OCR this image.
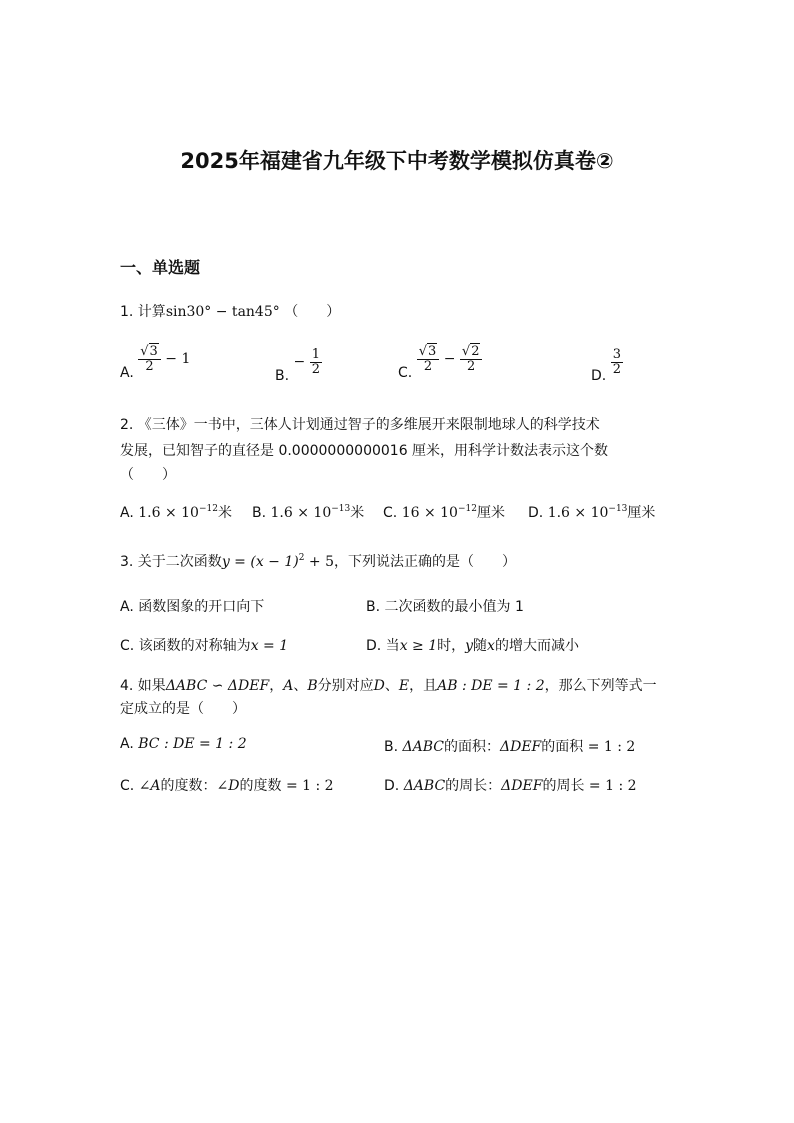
2025年福建省九年级下中考数学模拟仿真卷②
一、单选题
1. 计算sin30° − tan45° （　　）
A. $\frac{√3}{2} - 1$
B. − $\frac{1}{2}$	C. $\frac{√3}{2} - \frac{√2}{2}$
D. $\frac{3}{2}$
2. 《三体》一书中，三体人计划通过智子的多维展开来限制地球人的科学技术
发展，已知智子的直径是 0.0000000000016 厘米，用科学计数法表示这个数
（　　）
A. $1.6 \times 10^{-12}$米 B. $1.6 \times 10^{-13}$米 C. $16 \times 10^{-12}$厘米 D. $1.6 \times 10^{-13}$厘米
3. 关于二次函数$y = (x - 1)^2 + 5$，下列说法正确的是（　　）
A. 函数图象的开口向下	B. 二次函数的最小值为 1
C. 该函数的对称轴为x = 1	D. 当x ≥ 1时，y随x的增大而减小
4. 如果ΔABC ∽ ΔDEF，A、B分别对应D、E，且AB : DE = 1 : 2，那么下列等式一
定成立的是（　　）
A. BC : DE = 1 : 2	B. ΔABC的面积：ΔDEF的面积 = 1 : 2
C. ∠A的度数：∠D的度数 = 1 : 2	D. ΔABC的周长：ΔDEF的周长 = 1 : 2
